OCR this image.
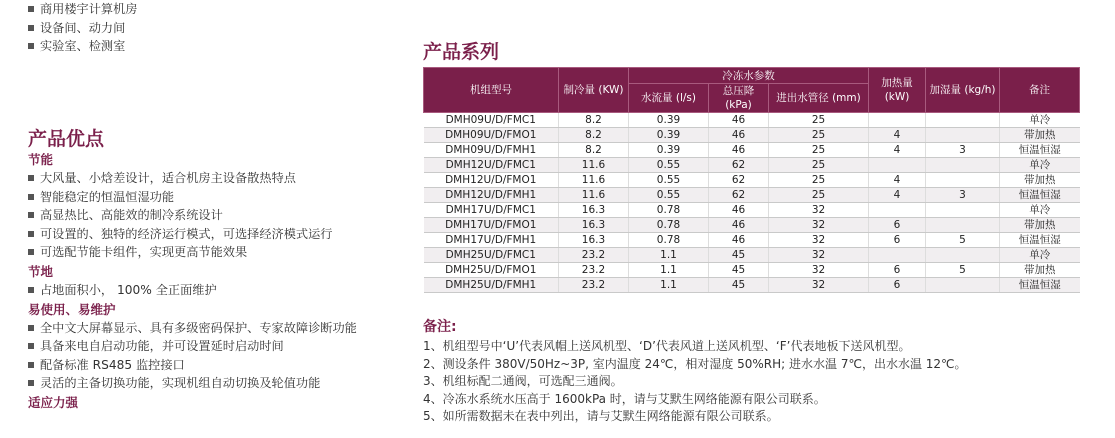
商用楼宇计算机房
设备间、动力间
实验室、检测室
产品优点
节能
大风量、小焓差设计，适合机房主设备散热特点
智能稳定的恒温恒湿功能
高显热比、高能效的制冷系统设计
可设置的、独特的经济运行模式，可选择经济模式运行
可选配节能卡组件，实现更高节能效果
节地
占地面积小， 100% 全正面维护
易使用、易维护
全中文大屏幕显示、具有多级密码保护、专家故障诊断功能
具备来电自启动功能，并可设置延时启动时间
配备标准 RS485 监控接口
灵活的主备切换功能，实现机组自动切换及轮值功能
适应力强
产品系列
机组型号	制冷量 (KW)	冷冻水参数			加热量 (kW)	加湿量 (kg/h)	备注
		水流量 (l/s)	总压降 (kPa)	进出水管径 (mm)			
DMH09U/D/FMC1	8.2	0.39	46	25			单冷
DMH09U/D/FMO1	8.2	0.39	46	25	4		带加热
DMH09U/D/FMH1	8.2	0.39	46	25	4	3	恒温恒湿
DMH12U/D/FMC1	11.6	0.55	62	25			单冷
DMH12U/D/FMO1	11.6	0.55	62	25	4		带加热
DMH12U/D/FMH1	11.6	0.55	62	25	4	3	恒温恒湿
DMH17U/D/FMC1	16.3	0.78	46	32			单冷
DMH17U/D/FMO1	16.3	0.78	46	32	6		带加热
DMH17U/D/FMH1	16.3	0.78	46	32	6	5	恒温恒湿
DMH25U/D/FMC1	23.2	1.1	45	32			单冷
DMH25U/D/FMO1	23.2	1.1	45	32	6	5	带加热
DMH25U/D/FMH1	23.2	1.1	45	32	6		恒温恒湿
备注:
1、机组型号中‘U’代表风帽上送风机型、‘D’代表风道上送风机型、‘F’代表地板下送风机型。
2、测设条件 380V/50Hz~3P, 室内温度 24℃，相对湿度 50%RH; 进水水温 7℃，出水水温 12℃。
3、机组标配二通阀，可选配三通阀。
4、冷冻水系统水压高于 1600kPa 时，请与艾默生网络能源有限公司联系。
5、如所需数据未在表中列出，请与艾默生网络能源有限公司联系。
